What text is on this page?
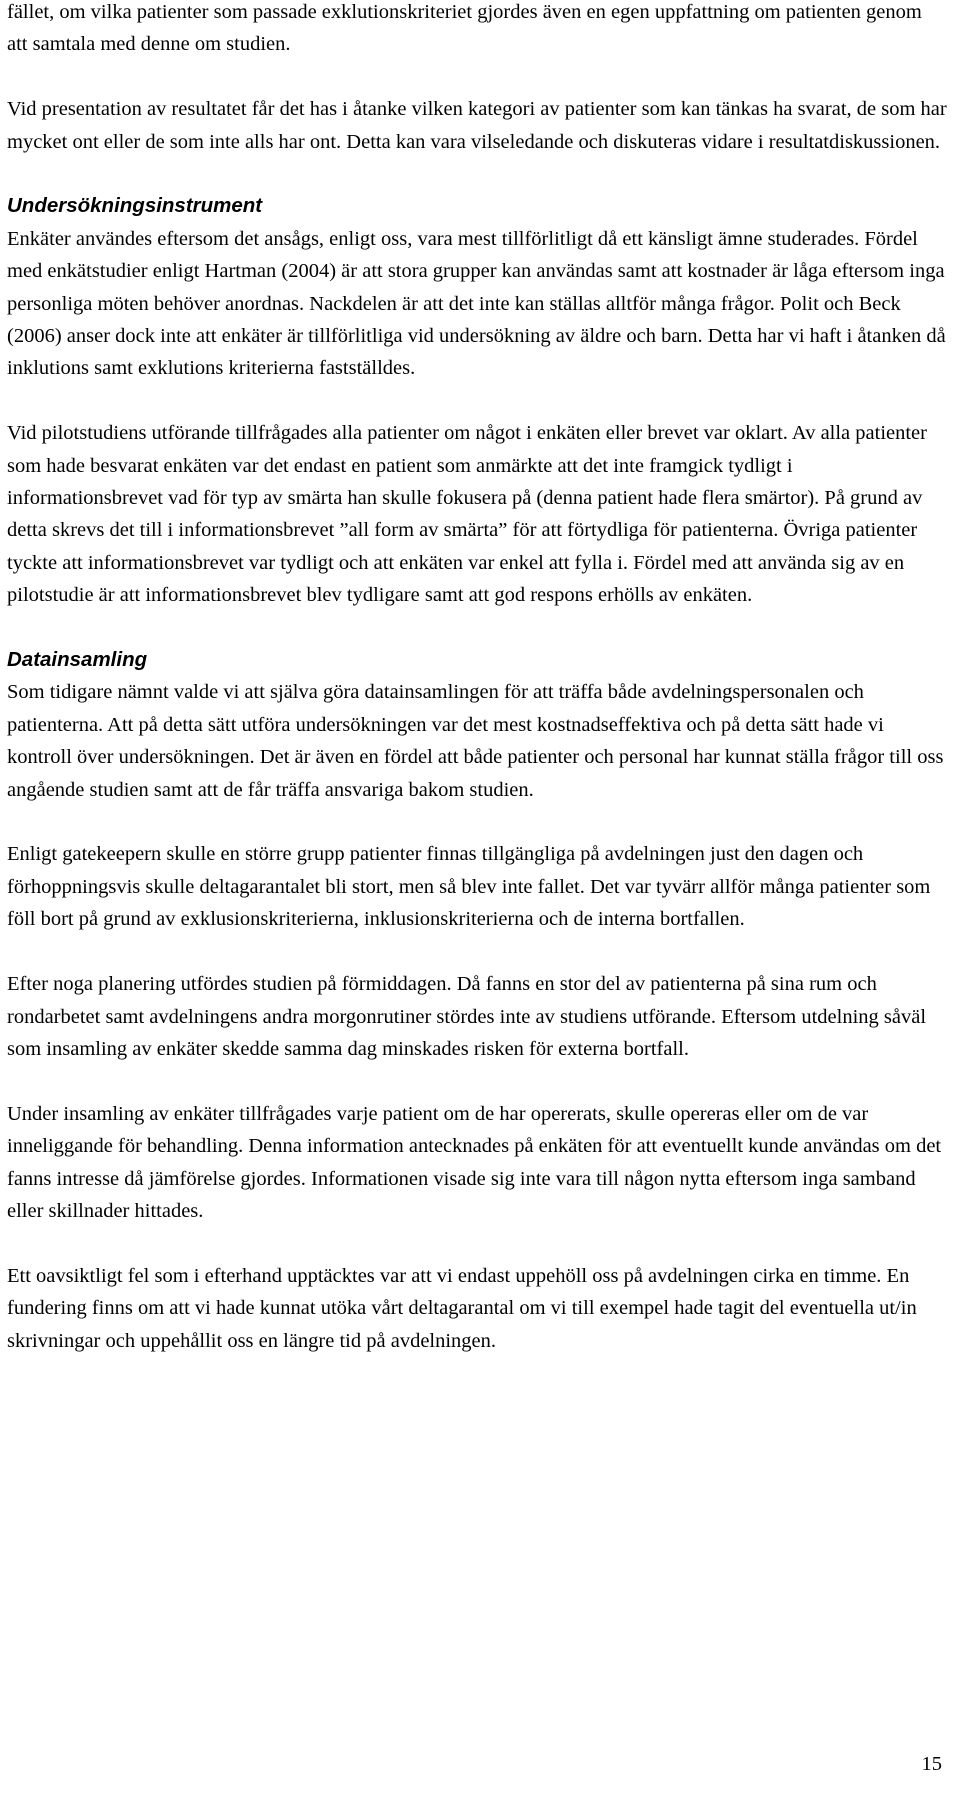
fället, om vilka patienter som passade exklutionskriteriet gjordes även en egen uppfattning om patienten genom att samtala med denne om studien.

Vid presentation av resultatet får det has i åtanke vilken kategori av patienter som kan tänkas ha svarat, de som har mycket ont eller de som inte alls har ont. Detta kan vara vilseledande och diskuteras vidare i resultatdiskussionen.

Undersökningsinstrument

Enkäter användes eftersom det ansågs, enligt oss, vara mest tillförlitligt då ett känsligt ämne studerades. Fördel med enkätstudier enligt Hartman (2004) är att stora grupper kan användas samt att kostnader är låga eftersom inga personliga möten behöver anordnas. Nackdelen är att det inte kan ställas alltför många frågor. Polit och Beck (2006) anser dock inte att enkäter är tillförlitliga vid undersökning av äldre och barn. Detta har vi haft i åtanken då inklutions samt exklutions kriterierna fastställdes.

Vid pilotstudiens utförande tillfrågades alla patienter om något i enkäten eller brevet var oklart. Av alla patienter som hade besvarat enkäten var det endast en patient som anmärkte att det inte framgick tydligt i informationsbrevet vad för typ av smärta han skulle fokusera på (denna patient hade flera smärtor). På grund av detta skrevs det till i informationsbrevet ”all form av smärta” för att förtydliga för patienterna. Övriga patienter tyckte att informationsbrevet var tydligt och att enkäten var enkel att fylla i. Fördel med att använda sig av en pilotstudie är att informationsbrevet blev tydligare samt att god respons erhölls av enkäten.

Datainsamling

Som tidigare nämnt valde vi att själva göra datainsamlingen för att träffa både avdelningspersonalen och patienterna. Att på detta sätt utföra undersökningen var det mest kostnadseffektiva och på detta sätt hade vi kontroll över undersökningen. Det är även en fördel att både patienter och personal har kunnat ställa frågor till oss angående studien samt att de får träffa ansvariga bakom studien.

Enligt gatekeepern skulle en större grupp patienter finnas tillgängliga på avdelningen just den dagen och förhoppningsvis skulle deltagarantalet bli stort, men så blev inte fallet. Det var tyvärr allför många patienter som föll bort på grund av exklusionskriterierna, inklusionskriterierna och de interna bortfallen.

Efter noga planering utfördes studien på förmiddagen. Då fanns en stor del av patienterna på sina rum och rondarbetet samt avdelningens andra morgonrutiner stördes inte av studiens utförande. Eftersom utdelning såväl som insamling av enkäter skedde samma dag minskades risken för externa bortfall.

Under insamling av enkäter tillfrågades varje patient om de har opererats, skulle opereras eller om de var inneliggande för behandling. Denna information antecknades på enkäten för att eventuellt kunde användas om det fanns intresse då jämförelse gjordes. Informationen visade sig inte vara till någon nytta eftersom inga samband eller skillnader hittades.

Ett oavsiktligt fel som i efterhand upptäcktes var att vi endast uppehöll oss på avdelningen cirka en timme. En fundering finns om att vi hade kunnat utöka vårt deltagarantal om vi till exempel hade tagit del eventuella ut/in skrivningar och uppehållit oss en längre tid på avdelningen.

15
